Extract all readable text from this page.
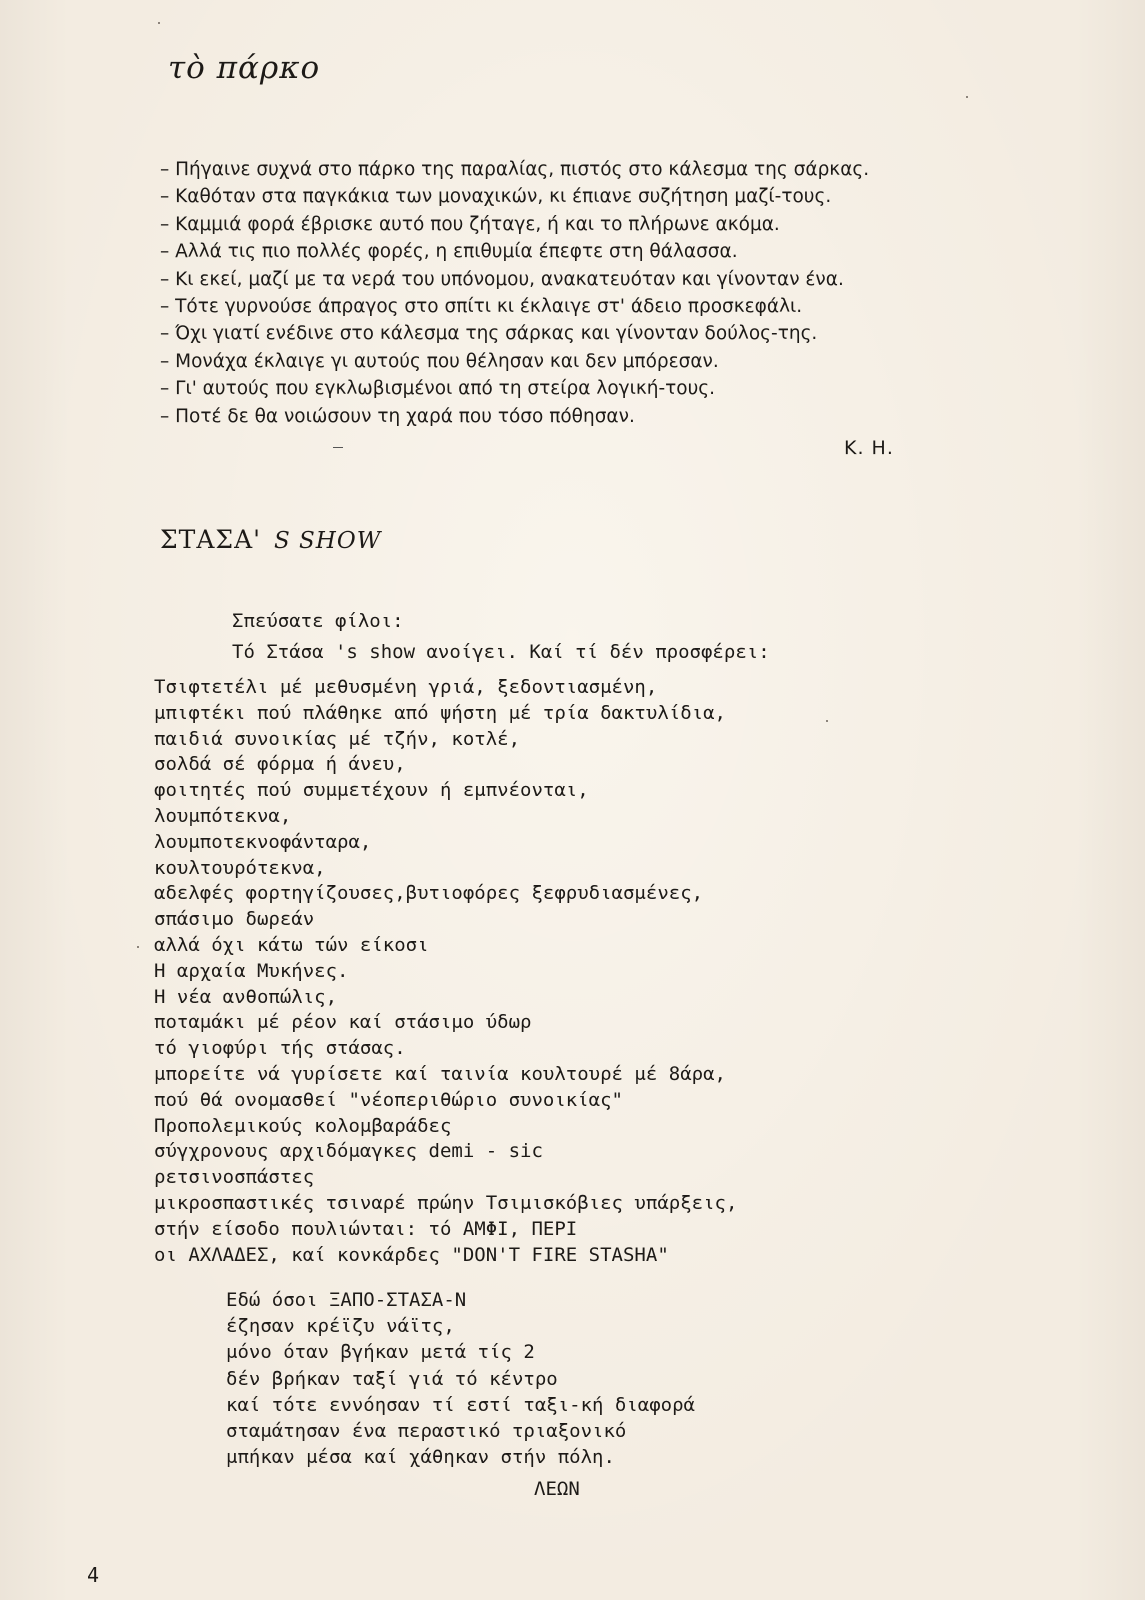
τὸ πάρκο
– Πήγαινε συχνά στο πάρκο της παραλίας, πιστός στο κάλεσμα της σάρκας.
– Καθόταν στα παγκάκια των μοναχικών, κι έπιανε συζήτηση μαζί-τους.
– Καμμιά φορά έβρισκε αυτό που ζήταγε, ή και το πλήρωνε ακόμα.
– Αλλά τις πιο πολλές φορές, η επιθυμία έπεφτε στη θάλασσα.
– Κι εκεί, μαζί με τα νερά του υπόνομου, ανακατευόταν και γίνονταν ένα.
– Τότε γυρνούσε άπραγος στο σπίτι κι έκλαιγε στ' άδειο προσκεφάλι.
– Όχι γιατί ενέδινε στο κάλεσμα της σάρκας και γίνονταν δούλος-της.
– Μονάχα έκλαιγε γι αυτούς που θέλησαν και δεν μπόρεσαν.
– Γι' αυτούς που εγκλωβισμένοι από τη στείρα λογική-τους.
– Ποτέ δε θα νοιώσουν τη χαρά που τόσο πόθησαν.
Κ. Η.
ΣΤΑΣΑ' S SHOW
Σπεύσατε φίλοι:
Τό Στάσα 's show ανοίγει. Καί τί δέν προσφέρει:
Τσιφτετέλι μέ μεθυσμένη γριά, ξεδοντιασμένη,
μπιφτέκι πού πλάθηκε από ψήστη μέ τρία δακτυλίδια,
παιδιά συνοικίας μέ τζήν, κοτλέ,
σολδά σέ φόρμα ή άνευ,
φοιτητές πού συμμετέχουν ή εμπνέονται,
λουμπότεκνα,
λουμποτεκνοφάνταρα,
κουλτουρότεκνα,
αδελφές φορτηγίζουσες,βυτιοφόρες ξεφρυδιασμένες,
σπάσιμο δωρεάν
αλλά όχι κάτω τών είκοσι
Η αρχαία Μυκήνες.
Η νέα ανθοπώλις,
ποταμάκι μέ ρέον καί στάσιμο ύδωρ
τό γιοφύρι τής στάσας.
μπορείτε νά γυρίσετε καί ταινία κουλτουρέ μέ 8άρα,
πού θά ονομασθεί "νέοπεριθώριο συνοικίας"
Προπολεμικούς κολομβαράδες
σύγχρονους αρχιδόμαγκες demi - sic
ρετσινοσπάστες
μικροσπαστικές τσιναρέ πρώην Τσιμισκόβιες υπάρξεις,
στήν είσοδο πουλιώνται: τό ΑΜΦΙ, ΠΕΡΙ
οι ΑΧΛΑΔΕΣ, καί κονκάρδες "DON'T FIRE STASHA"
Εδώ όσοι ΞΑΠΟ-ΣΤΑΣΑ-Ν
έζησαν κρέϊζυ νάϊτς,
μόνο όταν βγήκαν μετά τίς 2
δέν βρήκαν ταξί γιά τό κέντρο
καί τότε εννόησαν τί εστί ταξι-κή διαφορά
σταμάτησαν ένα περαστικό τριαξονικό
μπήκαν μέσα καί χάθηκαν στήν πόλη.
ΛΕΩΝ
4
